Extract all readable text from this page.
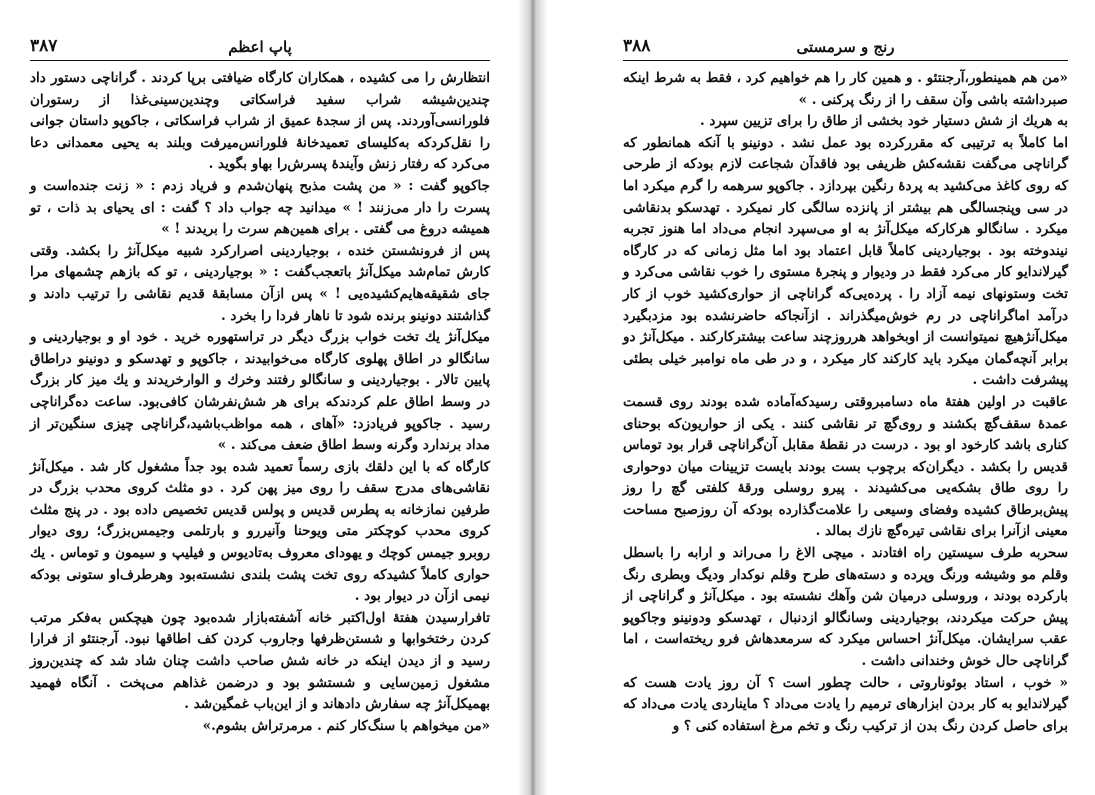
پاپ اعظم
۳۸۷

انتظارش را می کشیده ، همکاران کارگاه ضیافتی برپا کردند . گراناچی دستور داد چندین‌شیشه شراب سفید فراسکاتی وچندین‌سینی‌غذا از رستوران فلورانسی‌آوردند. پس از سجدۀ عمیق از شراب فراسکاتی ، جاکوپو داستان جوانی را نقل‌کردکه به‌کلیسای تعمیدخانۀ فلورانس‌میرفت وبلند به یحیی معمدانی دعا می‌کرد که رفتار زنش وآیندۀ پسرش‌را بهاو بگوید .

جاکوپو گفت : « من پشت مذبح پنهان‌شدم و فریاد زدم : « زنت جنده‌است و پسرت را دار می‌زنند ! » میدانید چه جواب داد ؟ گفت : ای یحیای بد ذات ، تو همیشه دروغ می گفتی . برای همین‌هم سرت را بریدند ! »

پس از فرونشستن خنده ، بوجیاردینی اصرارکرد شبیه میکل‌آنژ را بکشد. وقتی کارش تمام‌شد میکل‌آنژ باتعجب‌گفت : « بوجیاردینی ، تو که بازهم چشمهای مرا جای شقیقه‌هایم‌کشیده‌یی ! » پس ازآن مسابقۀ قدیم نقاشی را ترتیب دادند و گذاشتند دونینو برنده شود تا ناهار فردا را بخرد .

میکل‌آنژ یك تخت خواب بزرگ دیگر در تراستهوره خرید . خود او و بوجیاردینی و سانگالو در اطاق پهلوی کارگاه می‌خوابیدند ، جاکوپو و تهدسکو و دونینو دراطاق پایین تالار . بوجیاردینی و سانگالو رفتند وخرك و الوارخریدند و یك میز کار بزرگ در وسط اطاق علم کردندکه برای هر شش‌نفرشان کافی‌بود. ساعت ده‌گراناچی رسید . جاکوپو فریادزد: «آهای ، همه مواظب‌باشید،گراناچی چیزی سنگین‌تر از مداد برندارد وگرنه وسط اطاق ضعف می‌کند . »

کارگاه که با این دلقك بازی رسماً تعمید شده بود جداً مشغول کار شد . میکل‌آنژ نقاشی‌های مدرج سقف را روی میز پهن کرد . دو مثلث کروی محدب بزرگ در طرفین نمازخانه به پطرس قدیس و پولس قدیس تخصیص داده بود . در پنج مثلث کروی محدب کوچکتر متی ویوحنا وآنیررو و بارتلمی وجیمس‌بزرگ؛ روی دیوار روبرو جیمس کوچك و یهودای معروف به‌تادیوس و فیلیپ و سیمون و توماس . یك حواری کاملاً کشیدکه روی تخت پشت بلندی نشسته‌بود وهرطرف‌او ستونی بودکه نیمی ازآن در دیوار بود .

تافرارسیدن هفتۀ اول‌اکتبر خانه آشفته‌بازار شده‌بود چون هیچکس به‌فکر مرتب کردن رختخوابها و شستن‌ظرفها وجاروب کردن کف اطاقها نبود. آرجنتئو از فرارا رسید و از دیدن اینکه در خانه شش صاحب داشت چنان شاد شد که چندین‌روز مشغول زمین‌سایی و شستشو بود و درضمن غذاهم می‌پخت . آنگاه فهمید بهمیکل‌آنژ چه سفارش دادهاند و از این‌باب غمگین‌شد .

«من میخواهم با سنگ‌کار کنم . مرمرتراش بشوم.»

رنج و سرمستی
۳۸۸

«من هم همینطور،آرجنتئو . و همین کار را هم خواهیم کرد ، فقط به شرط اینکه صبرداشته باشی وآن سقف را از رنگ پرکنی . »

به هریك از شش دستیار خود بخشی از طاق را برای تزیین سپرد .

اما کاملاً به ترتیبی که مقررکرده بود عمل نشد . دونینو با آنکه همانطور که گراناچی می‌گفت نقشه‌کش ظریفی بود فاقدآن شجاعت لازم بودکه از طرحی که روی کاغذ می‌کشید به پردۀ رنگین بپردازد . جاکوپو سرهمه را گرم میکرد اما در سی وپنجسالگی هم بیشتر از پانزده سالگی کار نمیکرد . تهدسکو بدنقاشی میکرد . سانگالو هرکارکه میکل‌آنژ به او می‌سپرد انجام می‌داد اما هنوز تجربه نیندوخته بود . بوجیاردینی کاملاً قابل اعتماد بود اما مثل زمانی که در کارگاه گیرلاندایو کار می‌کرد فقط در ودیوار و پنجرۀ مستوی را خوب نقاشی می‌کرد و تخت وستونهای نیمه آزاد را . پرده‌یی‌که گراناچی از حواری‌کشید خوب از کار درآمد اماگراناچی در رم خوش‌میگذراند . ازآنجاکه حاضرنشده بود مزدبگیرد میکل‌آنژهیچ نمیتوانست از اوبخواهد هرروزچند ساعت بیشترکارکند . میکل‌آنژ دو برابر آنچه‌گمان میکرد باید کارکند کار میکرد ، و در طی ماه نوامبر خیلی بطئی پیشرفت داشت .

عاقبت در اولین هفتۀ ماه دسامبروقتی رسیدکه‌آماده شده بودند روی قسمت عمدۀ سقف‌گچ بکشند و روی‌گچ تر نقاشی کنند . یکی از حواریون‌که بوحنای کناری باشد کارخود او بود . درست در نقطۀ مقابل آن‌گراناچی قرار بود توماس قدیس را بکشد . دیگران‌که برچوب بست بودند بایست تزیینات میان دوحواری را روی طاق بشکه‌یی می‌کشیدند . پیرو روسلی ورقۀ کلفتی گچ را روز پیش‌برطاق کشیده وفضای وسیعی را علامت‌گذارده بودکه آن روزصبح مساحت معینی ازآنرا برای نقاشی تیره‌گچ نازك بمالد .

سحربه طرف سیستین راه افتادند . میچی الاغ را می‌راند و ارابه را باسطل وقلم مو وشیشه ورنگ وپرده و دسته‌های طرح وقلم نوکدار ودیگ وبطری رنگ بارکرده بودند ، وروسلی درمیان شن وآهك نشسته بود . میکل‌آنژ و گراناچی از پیش حرکت میکردند، بوجیاردینی وسانگالو ازدنبال ، تهدسکو ودونینو وجاکوپو عقب سرایشان. میکل‌آنژ احساس میکرد که سرمعدهاش فرو ریخته‌است ، اما گراناچی حال خوش وخندانی داشت .

« خوب ، استاد بوئوناروتی ، حالت چطور است ؟ آن روز یادت هست که گیرلاندایو به کار بردن ابزارهای ترمیم را یادت می‌داد ؟ مایناردی یادت می‌داد که برای حاصل کردن رنگ بدن از ترکیب رنگ و تخم مرغ استفاده کنی ؟ و
